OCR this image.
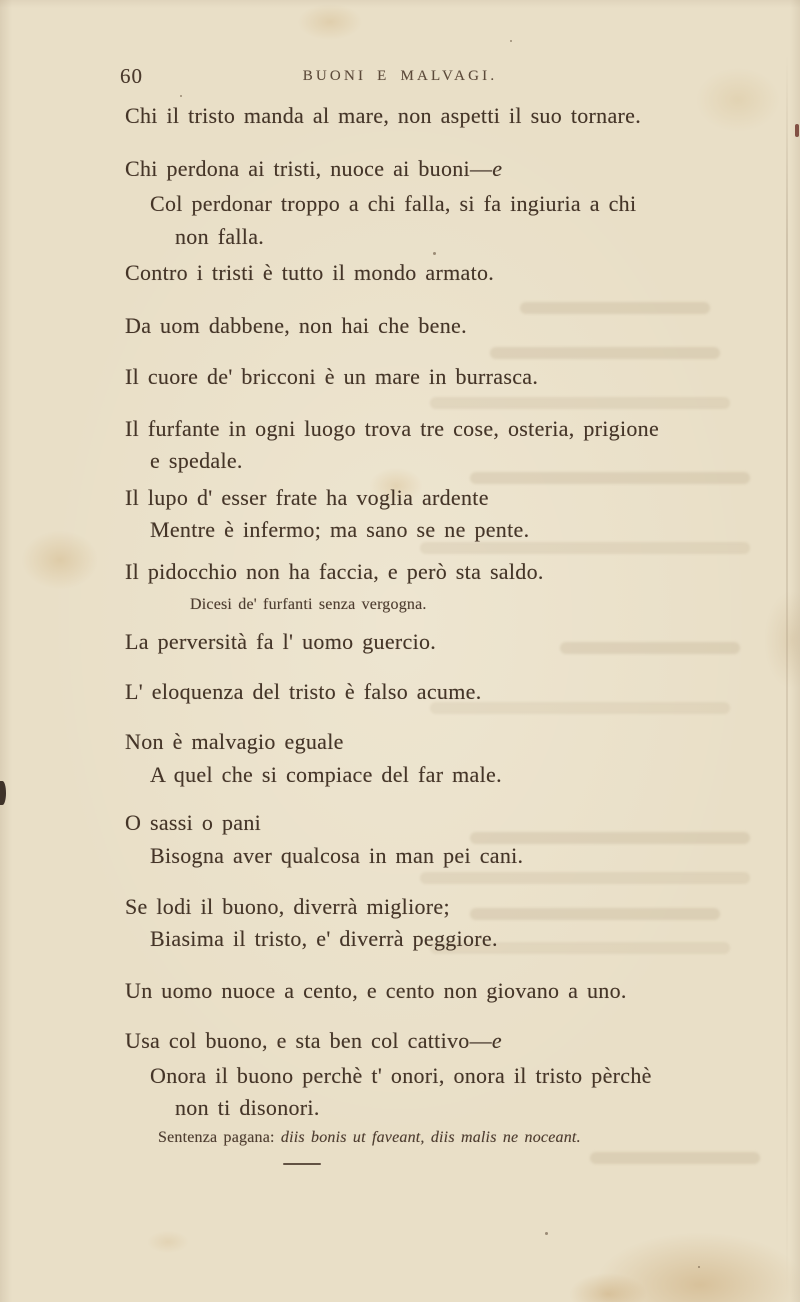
60	BUONI E MALVAGI.
Chi il tristo manda al mare, non aspetti il suo tornare.
Chi perdona ai tristi, nuoce ai buoni—e
Col perdonar troppo a chi falla, si fa ingiuria a chi
non falla.
Contro i tristi è tutto il mondo armato.
Da uom dabbene, non hai che bene.
Il cuore de' bricconi è un mare in burrasca.
Il furfante in ogni luogo trova tre cose, osteria, prigione
e spedale.
Il lupo d' esser frate ha voglia ardente
Mentre è infermo; ma sano se ne pente.
Il pidocchio non ha faccia, e però sta saldo.
Dicesi de' furfanti senza vergogna.
La perversità fa l' uomo guercio.
L' eloquenza del tristo è falso acume.
Non è malvagio eguale
A quel che si compiace del far male.
O sassi o pani
Bisogna aver qualcosa in man pei cani.
Se lodi il buono, diverrà migliore;
Biasima il tristo, e' diverrà peggiore.
Un uomo nuoce a cento, e cento non giovano a uno.
Usa col buono, e sta ben col cattivo—e
Onora il buono perchè t' onori, onora il tristo pèrchè
non ti disonori.
Sentenza pagana: diis bonis ut faveant, diis malis ne noceant.
